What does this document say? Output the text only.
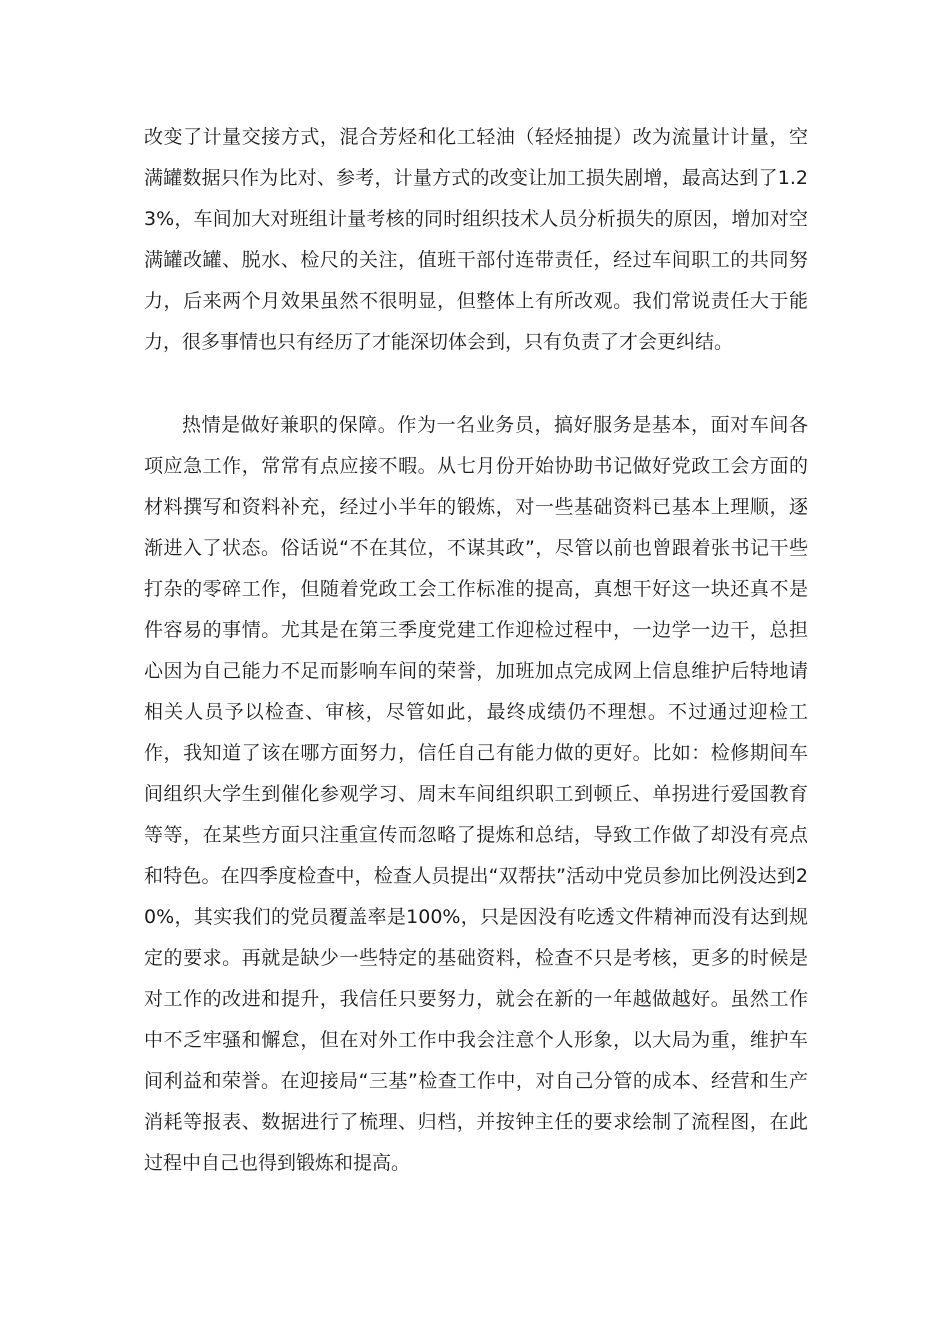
改变了计量交接方式，混合芳烃和化工轻油（轻烃抽提）改为流量计计量，空满罐数据只作为比对、参考，计量方式的改变让加工损失剧增，最高达到了1.23%，车间加大对班组计量考核的同时组织技术人员分析损失的原因，增加对空满罐改罐、脱水、检尺的关注，值班干部付连带责任，经过车间职工的共同努力，后来两个月效果虽然不很明显，但整体上有所改观。我们常说责任大于能力，很多事情也只有经历了才能深切体会到，只有负责了才会更纠结。

热情是做好兼职的保障。作为一名业务员，搞好服务是基本，面对车间各项应急工作，常常有点应接不暇。从七月份开始协助书记做好党政工会方面的材料撰写和资料补充，经过小半年的锻炼，对一些基础资料已基本上理顺，逐渐进入了状态。俗话说“不在其位，不谋其政”，尽管以前也曾跟着张书记干些打杂的零碎工作，但随着党政工会工作标准的提高，真想干好这一块还真不是件容易的事情。尤其是在第三季度党建工作迎检过程中，一边学一边干，总担心因为自己能力不足而影响车间的荣誉，加班加点完成网上信息维护后特地请相关人员予以检查、审核，尽管如此，最终成绩仍不理想。不过通过迎检工作，我知道了该在哪方面努力，信任自己有能力做的更好。比如：检修期间车间组织大学生到催化参观学习、周末车间组织职工到顿丘、单拐进行爱国教育等等，在某些方面只注重宣传而忽略了提炼和总结，导致工作做了却没有亮点和特色。在四季度检查中，检查人员提出“双帮扶”活动中党员参加比例没达到20%，其实我们的党员覆盖率是100%，只是因没有吃透文件精神而没有达到规定的要求。再就是缺少一些特定的基础资料，检查不只是考核，更多的时候是对工作的改进和提升，我信任只要努力，就会在新的一年越做越好。虽然工作中不乏牢骚和懈怠，但在对外工作中我会注意个人形象，以大局为重，维护车间利益和荣誉。在迎接局“三基”检查工作中，对自己分管的成本、经营和生产消耗等报表、数据进行了梳理、归档，并按钟主任的要求绘制了流程图，在此过程中自己也得到锻炼和提高。
